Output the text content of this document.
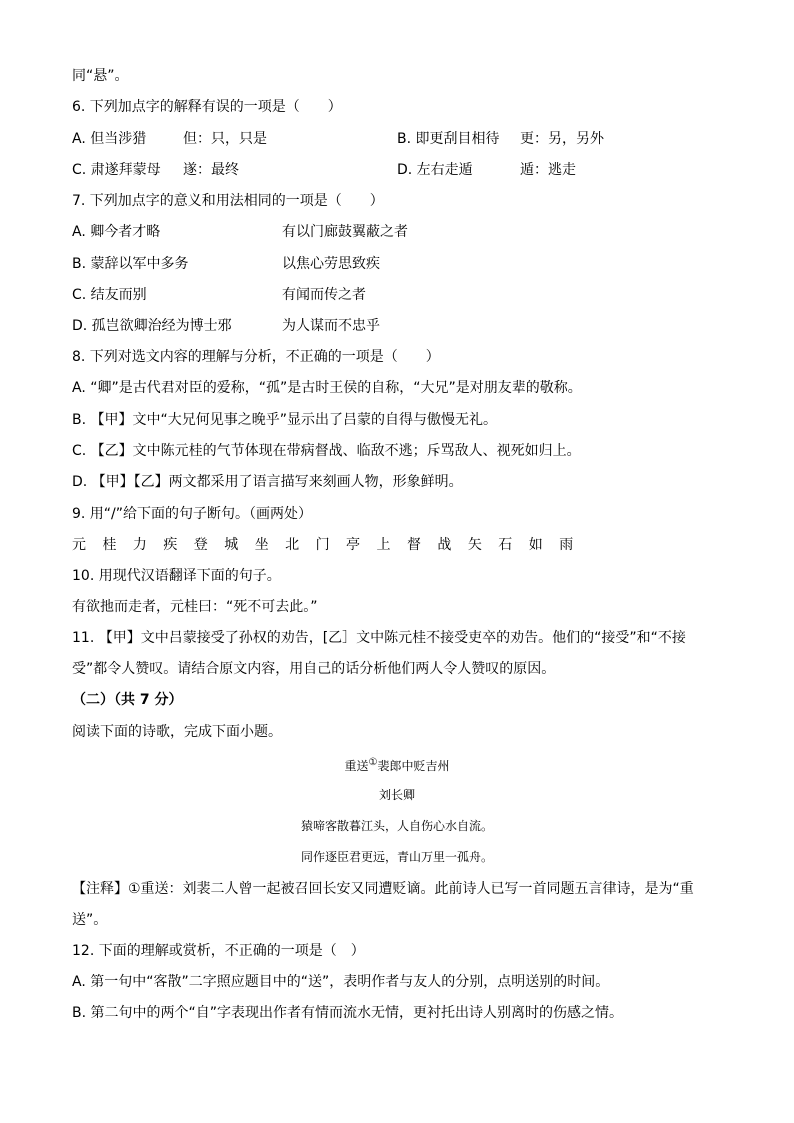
同“悬”。
6. 下列加点字的解释有误的一项是（　　）
A. 但当涉猎	但：只，只是	B. 即更刮目相待 更：另，另外
C. 肃遂拜蒙母 遂：最终	D. 左右走遁	遁：逃走
7. 下列加点字的意义和用法相同的一项是（　　）
A. 卿今者才略	有以门廊鼓翼蔽之者
B. 蒙辞以军中多务	以焦心劳思致疾
C. 结友而别	有闻而传之者
D. 孤岂欲卿治经为博士邪	为人谋而不忠乎
8. 下列对选文内容的理解与分析，不正确的一项是（　　）
A. “卿”是古代君对臣的爱称，“孤”是古时王侯的自称，“大兄”是对朋友辈的敬称。
B. 【甲】文中“大兄何见事之晚乎”显示出了吕蒙的自得与傲慢无礼。
C. 【乙】文中陈元桂的气节体现在带病督战、临敌不逃；斥骂敌人、视死如归上。
D. 【甲】【乙】两文都采用了语言描写来刻画人物，形象鲜明。
9. 用“/”给下面的句子断句。（画两处）
元 桂 力 疾 登 城 坐 北 门 亭 上 督 战 矢 石 如 雨
10. 用现代汉语翻译下面的句子。
有欲扡而走者，元桂曰：“死不可去此。”
11. 【甲】文中吕蒙接受了孙权的劝告，[乙］文中陈元桂不接受吏卒的劝告。他们的“接受”和“不接
受”都令人赞叹。请结合原文内容，用自己的话分析他们两人令人赞叹的原因。
（二）（共 7 分）
阅读下面的诗歌，完成下面小题。
重送①裴郎中贬吉州
刘长卿
猿啼客散暮江头，人自伤心水自流。
同作逐臣君更远，青山万里一孤舟。
【注释】①重送：刘裴二人曾一起被召回长安又同遭贬谪。此前诗人已写一首同题五言律诗，是为“重
送”。
12. 下面的理解或赏析，不正确的一项是（　）
A. 第一句中“客散”二字照应题目中的“送”，表明作者与友人的分别，点明送别的时间。
B. 第二句中的两个“自”字表现出作者有情而流水无情，更衬托出诗人别离时的伤感之情。
